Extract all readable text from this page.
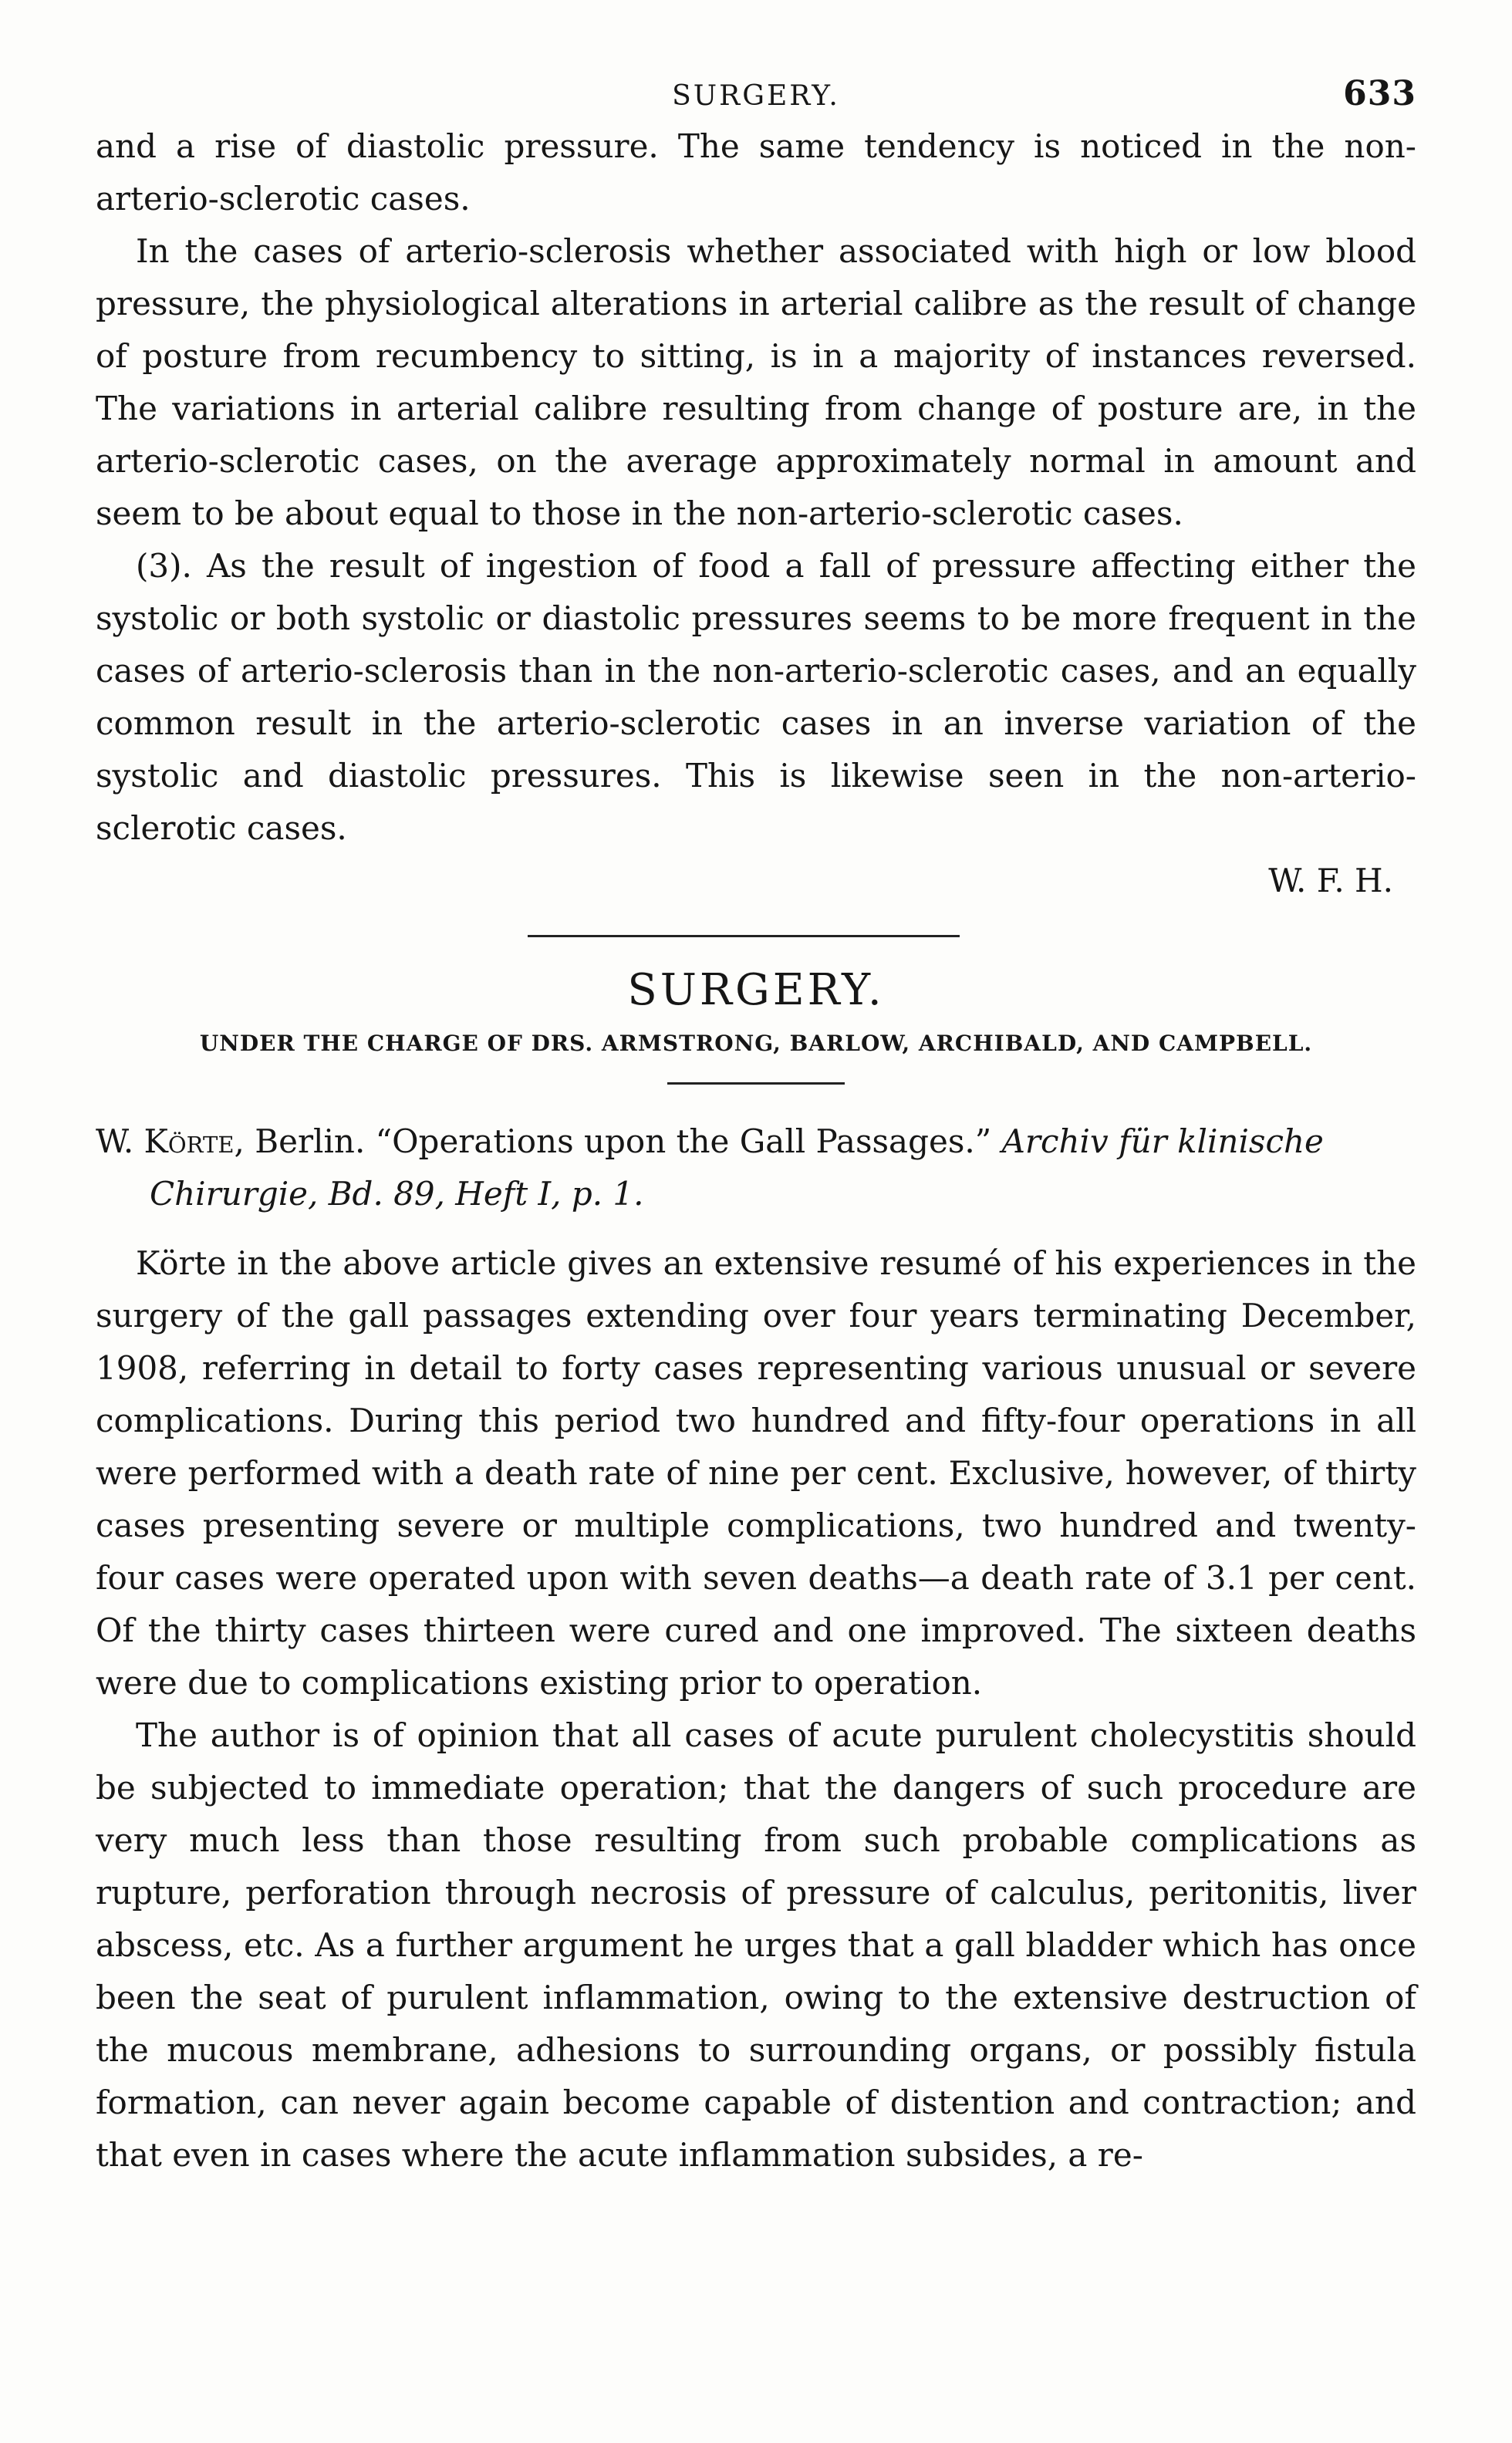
SURGERY.	633

and a rise of diastolic pressure. The same tendency is noticed in the non-arterio-sclerotic cases.

In the cases of arterio-sclerosis whether associated with high or low blood pressure, the physiological alterations in arterial calibre as the result of change of posture from recumbency to sitting, is in a majority of instances reversed. The variations in arterial calibre resulting from change of posture are, in the arterio-sclerotic cases, on the average approximately normal in amount and seem to be about equal to those in the non-arterio-sclerotic cases.

(3). As the result of ingestion of food a fall of pressure affecting either the systolic or both systolic or diastolic pressures seems to be more frequent in the cases of arterio-sclerosis than in the non-arterio-sclerotic cases, and an equally common result in the arterio-sclerotic cases in an inverse variation of the systolic and diastolic pressures. This is likewise seen in the non-arterio-sclerotic cases.

W. F. H.
SURGERY.
UNDER THE CHARGE OF DRS. ARMSTRONG, BARLOW, ARCHIBALD, AND CAMPBELL.

W. Körte, Berlin. “Operations upon the Gall Passages.” Archiv für klinische Chirurgie, Bd. 89, Heft I, p. 1.

Körte in the above article gives an extensive resumé of his experiences in the surgery of the gall passages extending over four years terminating December, 1908, referring in detail to forty cases representing various unusual or severe complications. During this period two hundred and fifty-four operations in all were performed with a death rate of nine per cent. Exclusive, however, of thirty cases presenting severe or multiple complications, two hundred and twenty-four cases were operated upon with seven deaths—a death rate of 3.1 per cent. Of the thirty cases thirteen were cured and one improved. The sixteen deaths were due to complications existing prior to operation.

The author is of opinion that all cases of acute purulent cholecystitis should be subjected to immediate operation; that the dangers of such procedure are very much less than those resulting from such probable complications as rupture, perforation through necrosis of pressure of calculus, peritonitis, liver abscess, etc. As a further argument he urges that a gall bladder which has once been the seat of purulent inflammation, owing to the extensive destruction of the mucous membrane, adhesions to surrounding organs, or possibly fistula formation, can never again become capable of distention and contraction; and that even in cases where the acute inflammation subsides, a re-
